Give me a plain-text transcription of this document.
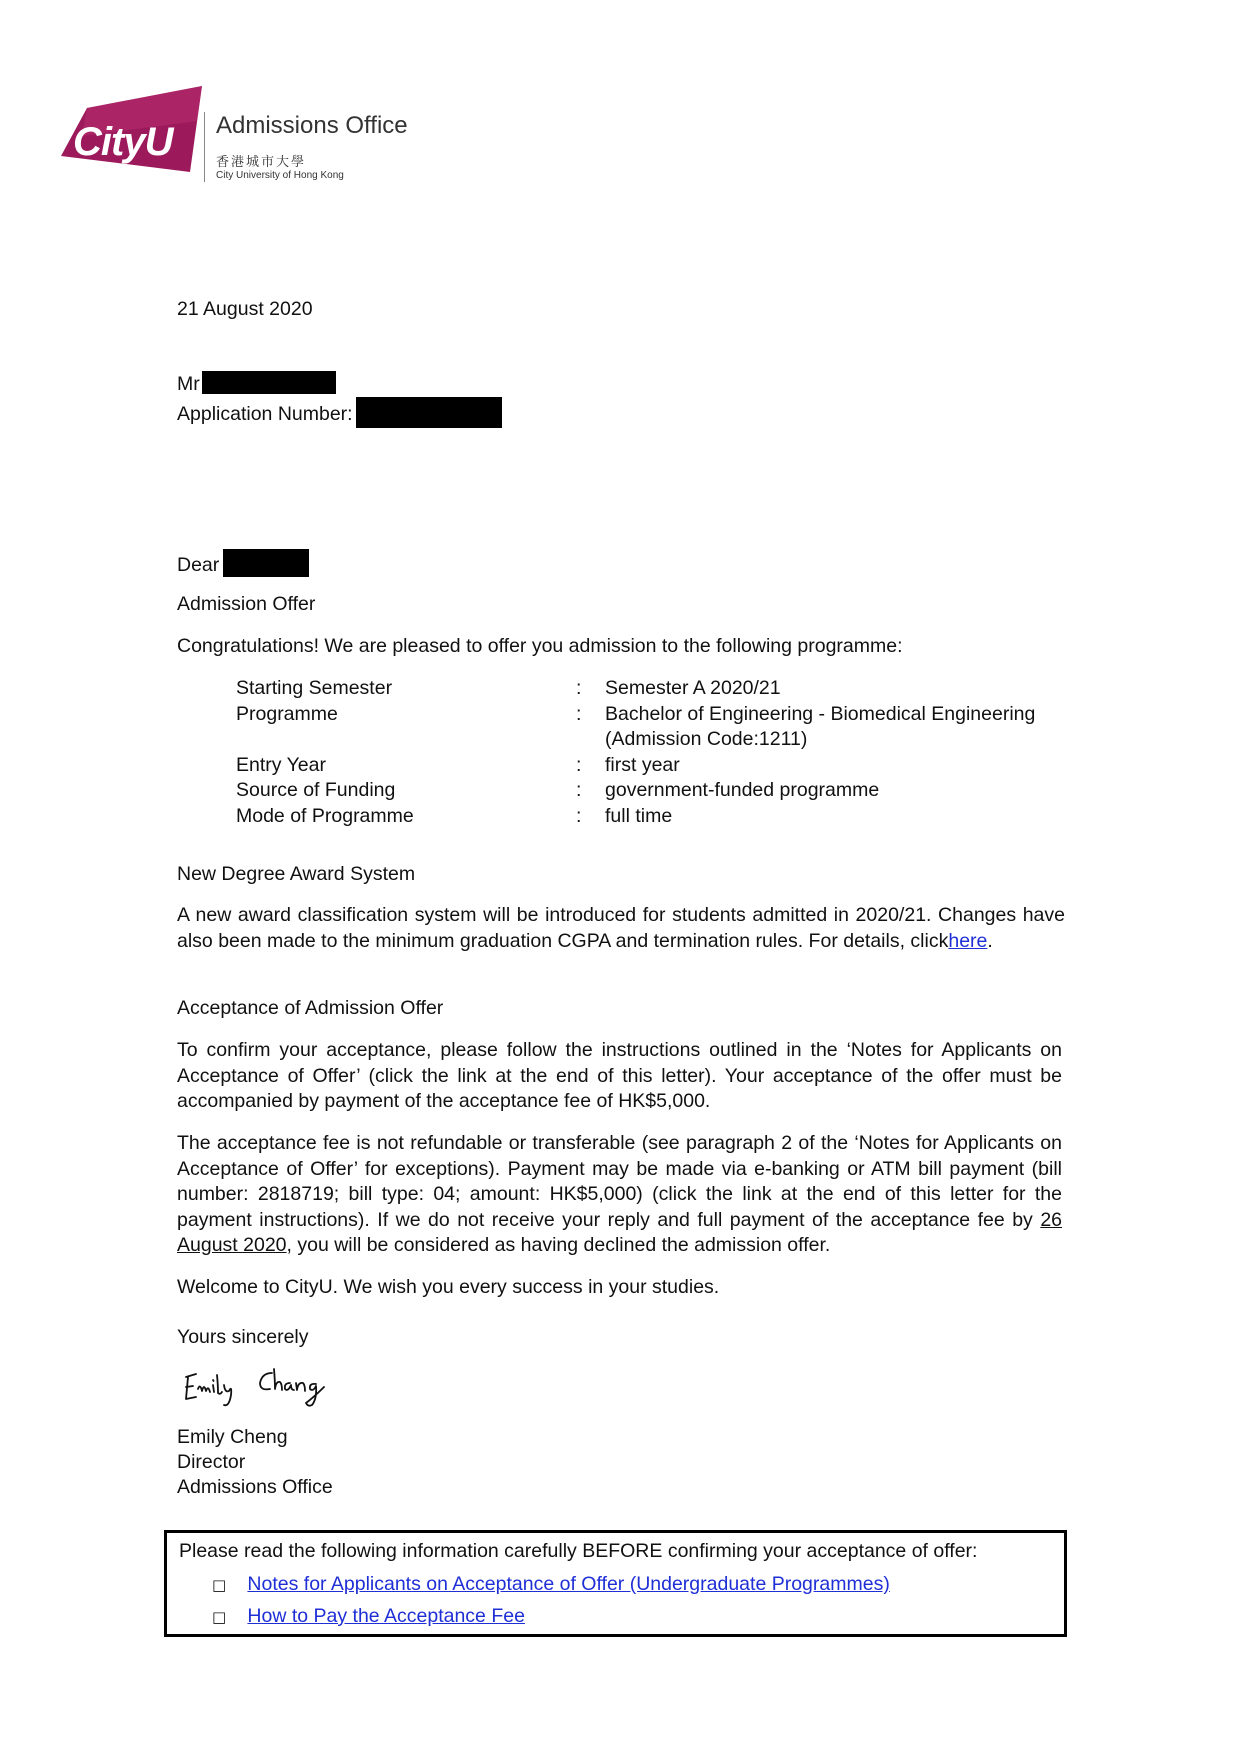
CityU Admissions Office
香港城市大學
City University of Hong Kong
21 August 2020
Mr
Application Number:
Dear
Admission Offer
Congratulations! We are pleased to offer you admission to the following programme:
Starting Semester	:	Semester A 2020/21
Programme	:	Bachelor of Engineering - Biomedical Engineering
(Admission Code:1211)
Entry Year	:	first year
Source of Funding	:	government-funded programme
Mode of Programme	:	full time
New Degree Award System
A new award classification system will be introduced for students admitted in 2020/21. Changes have also been made to the minimum graduation CGPA and termination rules. For details, clickhere.
Acceptance of Admission Offer
To confirm your acceptance, please follow the instructions outlined in the ‘Notes for Applicants on Acceptance of Offer’ (click the link at the end of this letter). Your acceptance of the offer must be accompanied by payment of the acceptance fee of HK$5,000.
The acceptance fee is not refundable or transferable (see paragraph 2 of the ‘Notes for Applicants on Acceptance of Offer’ for exceptions). Payment may be made via e-banking or ATM bill payment (bill number: 2818719; bill type: 04; amount: HK$5,000) (click the link at the end of this letter for the payment instructions). If we do not receive your reply and full payment of the acceptance fee by 26 August 2020, you will be considered as having declined the admission offer.
Welcome to CityU. We wish you every success in your studies.
Yours sincerely
Emily Cheng
Director
Admissions Office
Please read the following information carefully BEFORE confirming your acceptance of offer:
□ Notes for Applicants on Acceptance of Offer (Undergraduate Programmes)
□ How to Pay the Acceptance Fee
